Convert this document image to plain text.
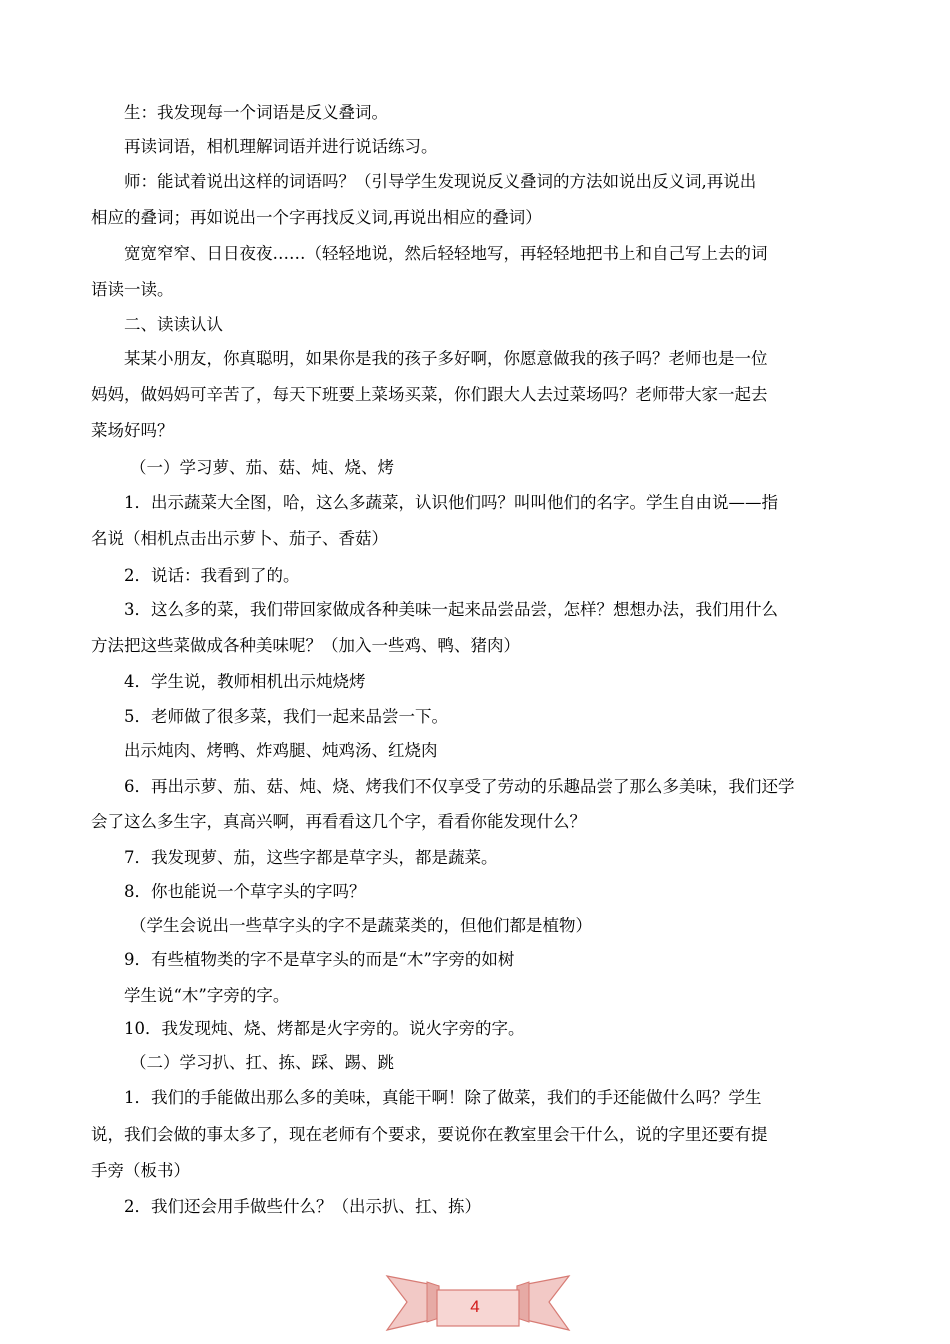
生：我发现每一个词语是反义叠词。
再读词语，相机理解词语并进行说话练习。
师：能试着说出这样的词语吗？（引导学生发现说反义叠词的方法如说出反义词,再说出
相应的叠词；再如说出一个字再找反义词,再说出相应的叠词）
宽宽窄窄、日日夜夜……（轻轻地说，然后轻轻地写，再轻轻地把书上和自己写上去的词
语读一读。
二、读读认认
某某小朋友，你真聪明，如果你是我的孩子多好啊，你愿意做我的孩子吗？老师也是一位
妈妈，做妈妈可辛苦了，每天下班要上菜场买菜，你们跟大人去过菜场吗？老师带大家一起去
菜场好吗？
（一）学习萝、茄、菇、炖、烧、烤
1．出示蔬菜大全图，哈，这么多蔬菜，认识他们吗？叫叫他们的名字。学生自由说——指
名说（相机点击出示萝卜、茄子、香菇）
2．说话：我看到了的。
3．这么多的菜，我们带回家做成各种美味一起来品尝品尝，怎样？想想办法，我们用什么
方法把这些菜做成各种美味呢？（加入一些鸡、鸭、猪肉）
4．学生说，教师相机出示炖烧烤
5．老师做了很多菜，我们一起来品尝一下。
出示炖肉、烤鸭、炸鸡腿、炖鸡汤、红烧肉
6．再出示萝、茄、菇、炖、烧、烤我们不仅享受了劳动的乐趣品尝了那么多美味，我们还学
会了这么多生字，真高兴啊，再看看这几个字，看看你能发现什么？
7．我发现萝、茄，这些字都是草字头，都是蔬菜。
8．你也能说一个草字头的字吗？
（学生会说出一些草字头的字不是蔬菜类的，但他们都是植物）
9．有些植物类的字不是草字头的而是“木”字旁的如树
学生说“木”字旁的字。
10．我发现炖、烧、烤都是火字旁的。说火字旁的字。
（二）学习扒、扛、拣、踩、踢、跳
1．我们的手能做出那么多的美味，真能干啊！除了做菜，我们的手还能做什么吗？学生
说，我们会做的事太多了，现在老师有个要求，要说你在教室里会干什么，说的字里还要有提
手旁（板书）
2．我们还会用手做些什么？（出示扒、扛、拣）
4
